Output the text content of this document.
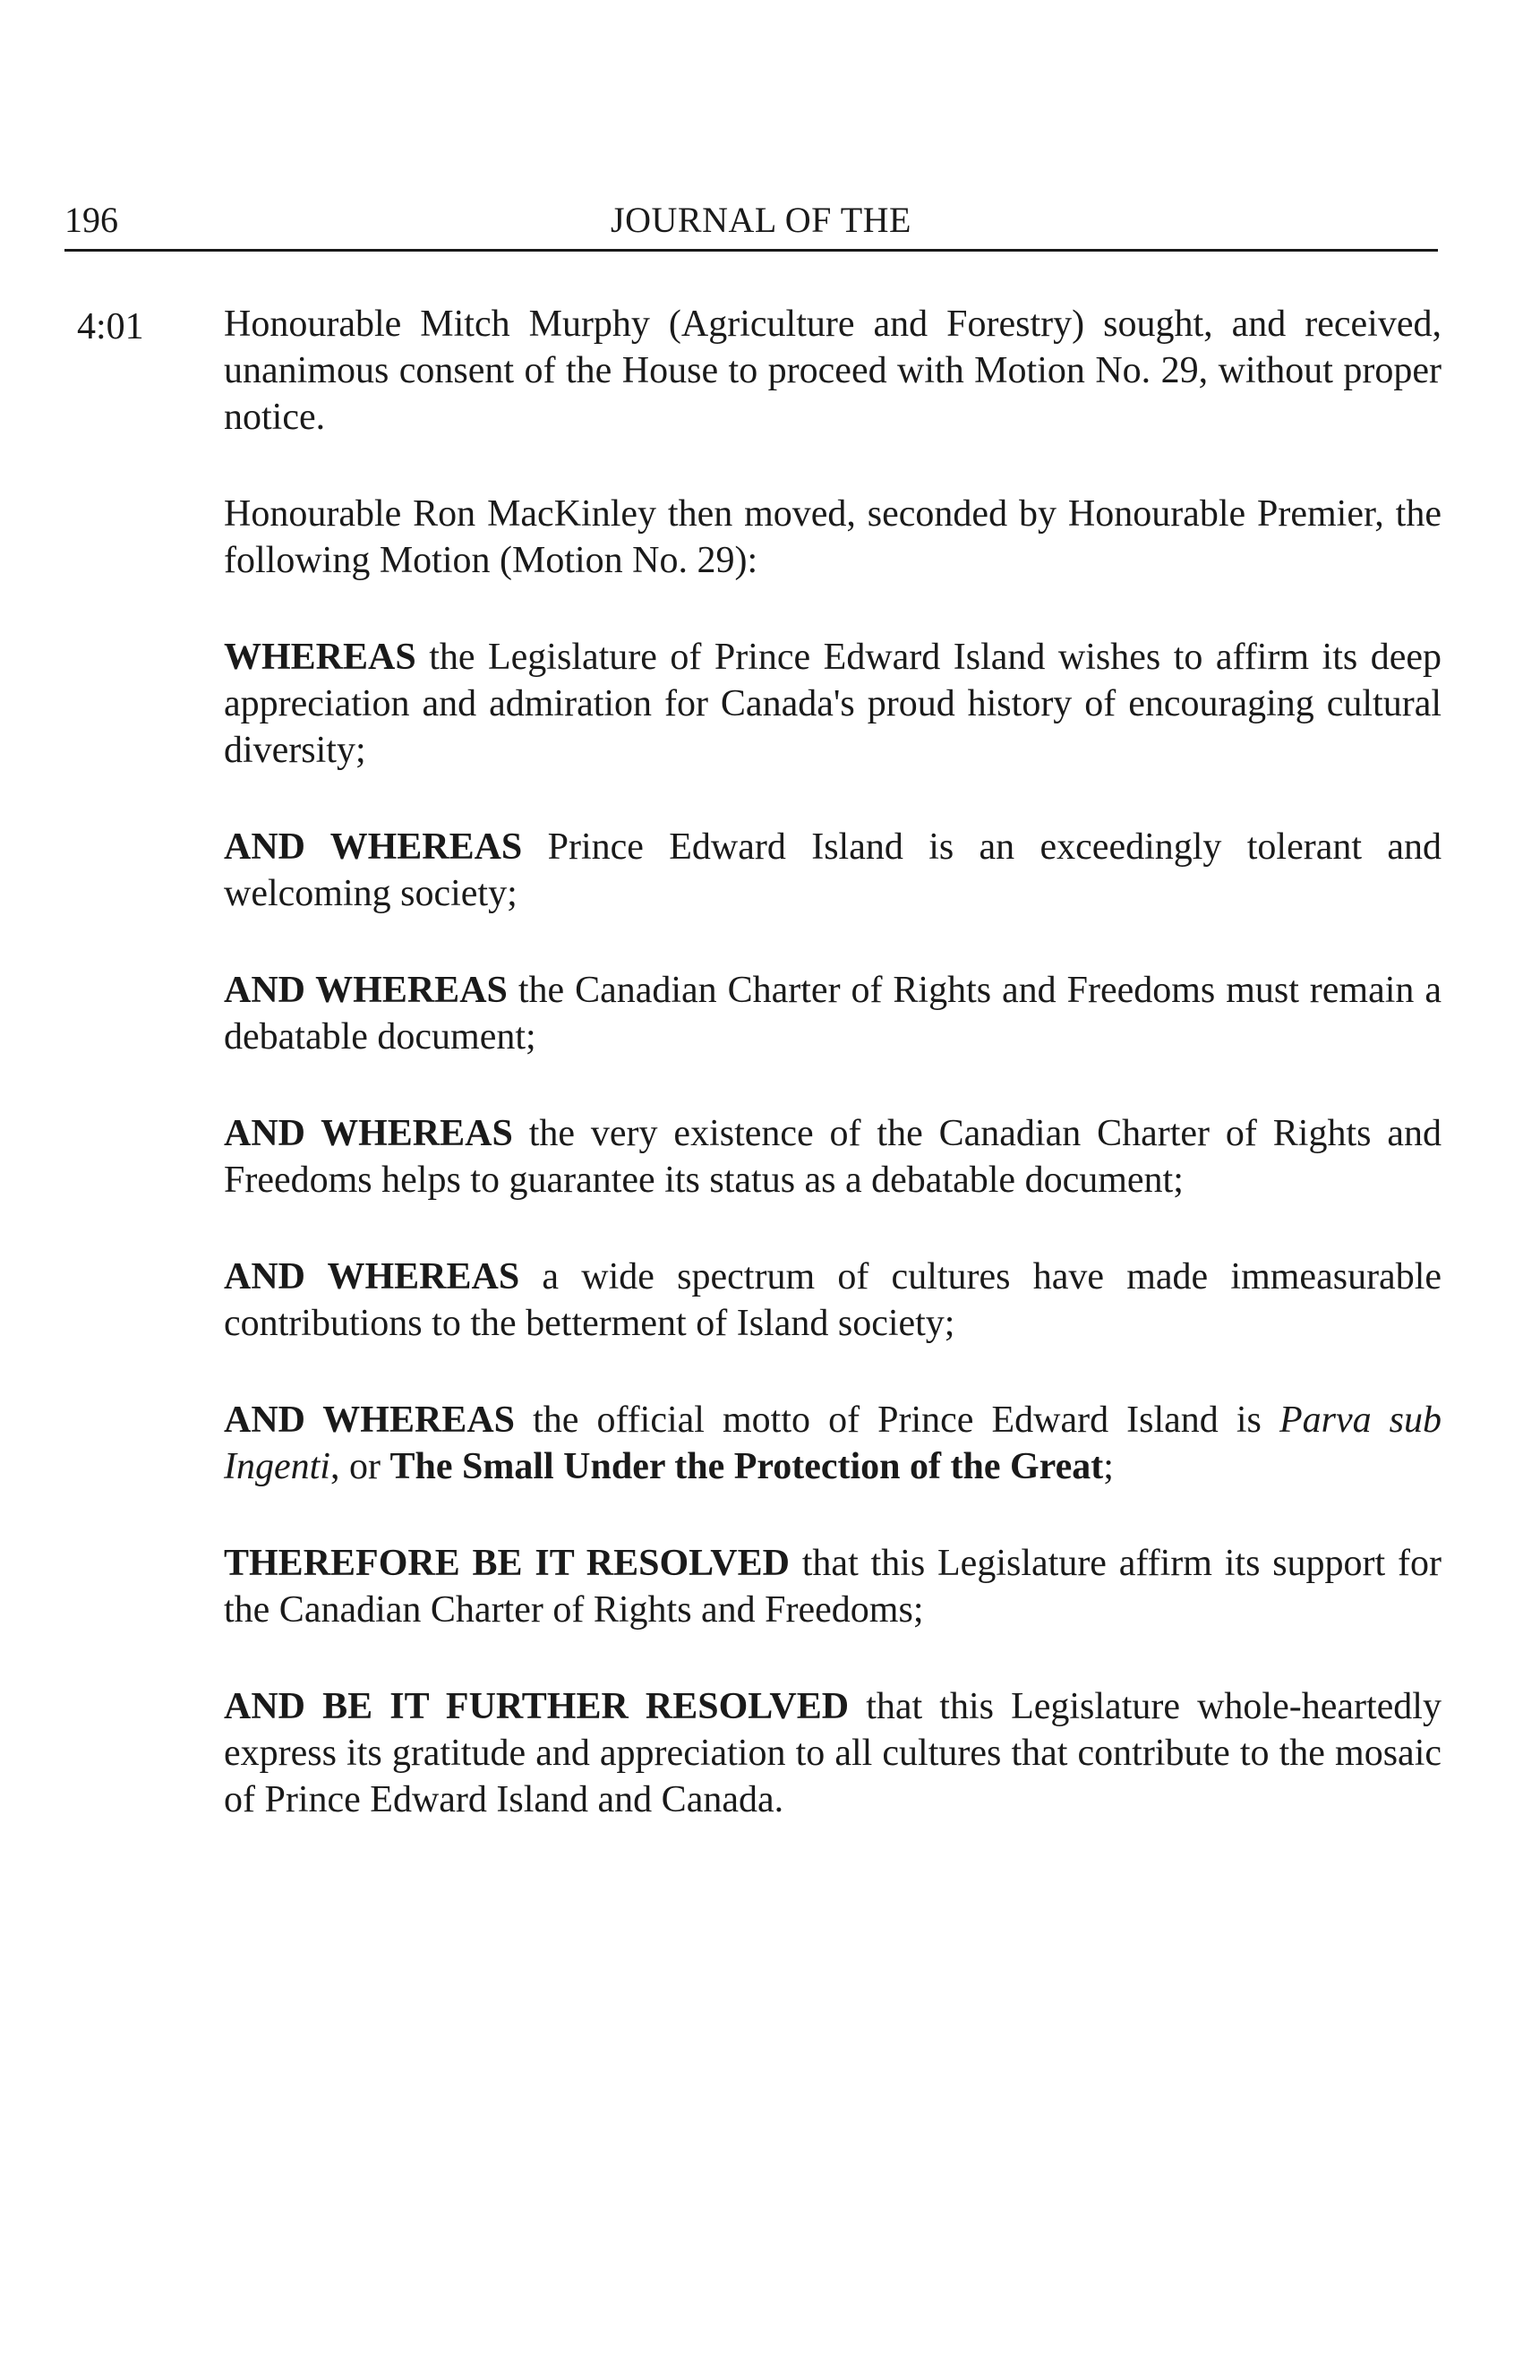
196	JOURNAL OF THE
4:01 Honourable Mitch Murphy (Agriculture and Forestry) sought, and received, unanimous consent of the House to proceed with Motion No. 29, without proper notice.

Honourable Ron MacKinley then moved, seconded by Honourable Premier, the following Motion (Motion No. 29):

WHEREAS the Legislature of Prince Edward Island wishes to affirm its deep appreciation and admiration for Canada's proud history of encouraging cultural diversity;

AND WHEREAS Prince Edward Island is an exceedingly tolerant and welcoming society;

AND WHEREAS the Canadian Charter of Rights and Freedoms must remain a debatable document;

AND WHEREAS the very existence of the Canadian Charter of Rights and Freedoms helps to guarantee its status as a debatable document;

AND WHEREAS a wide spectrum of cultures have made immeasurable contributions to the betterment of Island society;

AND WHEREAS the official motto of Prince Edward Island is Parva sub Ingenti, or The Small Under the Protection of the Great;

THEREFORE BE IT RESOLVED that this Legislature affirm its support for the Canadian Charter of Rights and Freedoms;

AND BE IT FURTHER RESOLVED that this Legislature whole-heartedly express its gratitude and appreciation to all cultures that contribute to the mosaic of Prince Edward Island and Canada.
